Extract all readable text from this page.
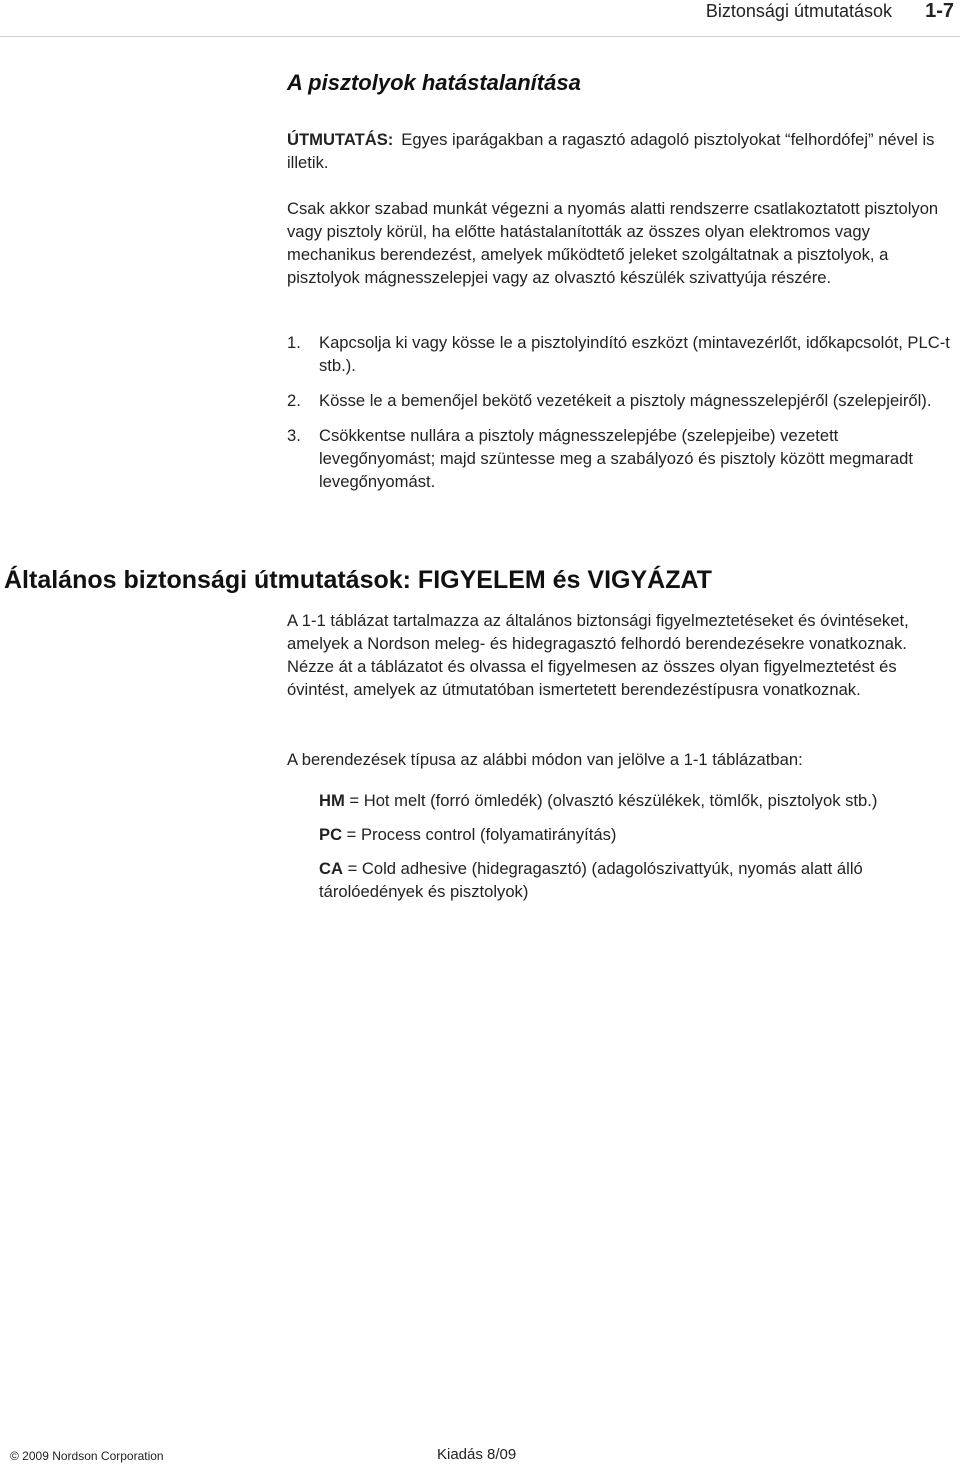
Biztonsági útmutatások 1-7
A pisztolyok hatástalanítása
ÚTMUTATÁS: Egyes iparágakban a ragasztó adagoló pisztolyokat “felhordófej” nével is illetik.
Csak akkor szabad munkát végezni a nyomás alatti rendszerre csatlakoztatott pisztolyon vagy pisztoly körül, ha előtte hatástalanították az összes olyan elektromos vagy mechanikus berendezést, amelyek működtető jeleket szolgáltatnak a pisztolyok, a pisztolyok mágnesszelepjei vagy az olvasztó készülék szivattyúja részére.
1. Kapcsolja ki vagy kösse le a pisztolyindító eszközt (mintavezérlőt, időkapcsolót, PLC-t stb.).
2. Kösse le a bemenőjel bekötő vezetékeit a pisztoly mágnesszelepjéről (szelepjeiről).
3. Csökkentse nullára a pisztoly mágnesszelepjébe (szelepjeibe) vezetett levegőnyomást; majd szüntesse meg a szabályozó és pisztoly között megmaradt levegőnyomást.
Általános biztonsági útmutatások: FIGYELEM és VIGYÁZAT
A 1-1 táblázat tartalmazza az általános biztonsági figyelmeztetéseket és óvintéseket, amelyek a Nordson meleg- és hidegragasztó felhordó berendezésekre vonatkoznak. Nézze át a táblázatot és olvassa el figyelmesen az összes olyan figyelmeztetést és óvintést, amelyek az útmutatóban ismertetett berendezéstípusra vonatkoznak.
A berendezések típusa az alábbi módon van jelölve a 1-1 táblázatban:
HM = Hot melt (forró ömledék) (olvasztó készülékek, tömlők, pisztolyok stb.)
PC = Process control (folyamatirányítás)
CA = Cold adhesive (hidegragasztó) (adagolószivattyúk, nyomás alatt álló tárolóedények és pisztolyok)
© 2009 Nordson Corporation	Kiadás 8/09
